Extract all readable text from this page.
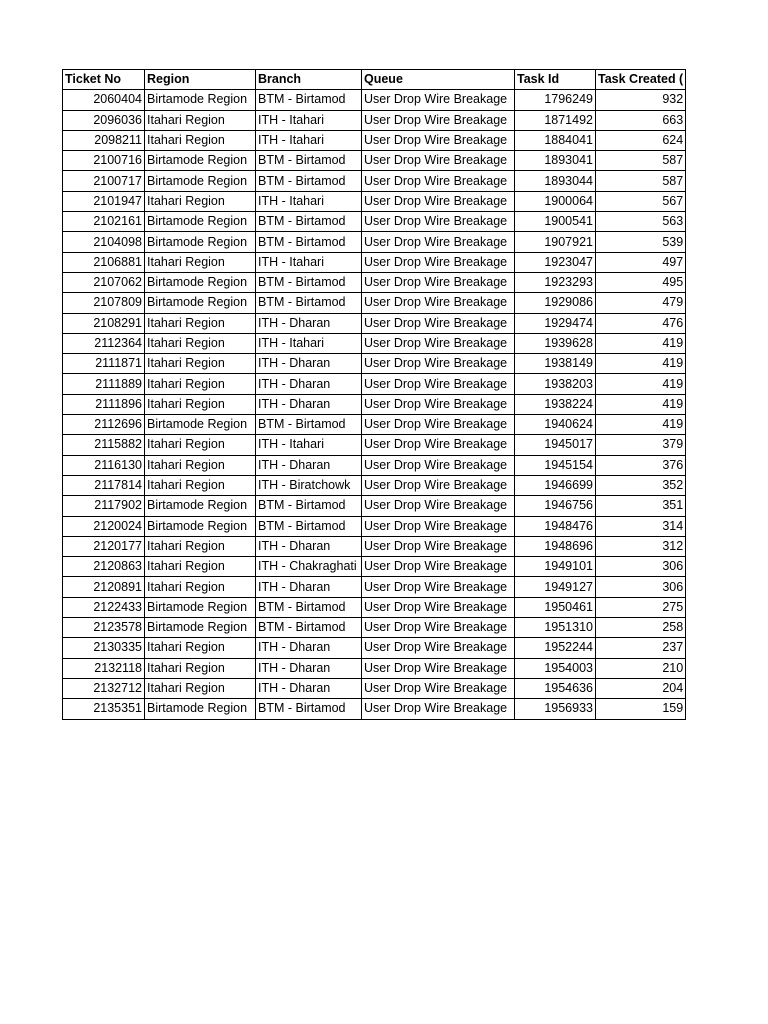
Ticket No	Region	Branch	Queue	Task Id	Task Created (
2060404	Birtamode Region	BTM - Birtamod	User Drop Wire Breakage	1796249	932
2096036	Itahari Region	ITH - Itahari	User Drop Wire Breakage	1871492	663
2098211	Itahari Region	ITH - Itahari	User Drop Wire Breakage	1884041	624
2100716	Birtamode Region	BTM - Birtamod	User Drop Wire Breakage	1893041	587
2100717	Birtamode Region	BTM - Birtamod	User Drop Wire Breakage	1893044	587
2101947	Itahari Region	ITH - Itahari	User Drop Wire Breakage	1900064	567
2102161	Birtamode Region	BTM - Birtamod	User Drop Wire Breakage	1900541	563
2104098	Birtamode Region	BTM - Birtamod	User Drop Wire Breakage	1907921	539
2106881	Itahari Region	ITH - Itahari	User Drop Wire Breakage	1923047	497
2107062	Birtamode Region	BTM - Birtamod	User Drop Wire Breakage	1923293	495
2107809	Birtamode Region	BTM - Birtamod	User Drop Wire Breakage	1929086	479
2108291	Itahari Region	ITH - Dharan	User Drop Wire Breakage	1929474	476
2112364	Itahari Region	ITH - Itahari	User Drop Wire Breakage	1939628	419
2111871	Itahari Region	ITH - Dharan	User Drop Wire Breakage	1938149	419
2111889	Itahari Region	ITH - Dharan	User Drop Wire Breakage	1938203	419
2111896	Itahari Region	ITH - Dharan	User Drop Wire Breakage	1938224	419
2112696	Birtamode Region	BTM - Birtamod	User Drop Wire Breakage	1940624	419
2115882	Itahari Region	ITH - Itahari	User Drop Wire Breakage	1945017	379
2116130	Itahari Region	ITH - Dharan	User Drop Wire Breakage	1945154	376
2117814	Itahari Region	ITH - Biratchowk	User Drop Wire Breakage	1946699	352
2117902	Birtamode Region	BTM - Birtamod	User Drop Wire Breakage	1946756	351
2120024	Birtamode Region	BTM - Birtamod	User Drop Wire Breakage	1948476	314
2120177	Itahari Region	ITH - Dharan	User Drop Wire Breakage	1948696	312
2120863	Itahari Region	ITH - Chakraghati	User Drop Wire Breakage	1949101	306
2120891	Itahari Region	ITH - Dharan	User Drop Wire Breakage	1949127	306
2122433	Birtamode Region	BTM - Birtamod	User Drop Wire Breakage	1950461	275
2123578	Birtamode Region	BTM - Birtamod	User Drop Wire Breakage	1951310	258
2130335	Itahari Region	ITH - Dharan	User Drop Wire Breakage	1952244	237
2132118	Itahari Region	ITH - Dharan	User Drop Wire Breakage	1954003	210
2132712	Itahari Region	ITH - Dharan	User Drop Wire Breakage	1954636	204
2135351	Birtamode Region	BTM - Birtamod	User Drop Wire Breakage	1956933	159
